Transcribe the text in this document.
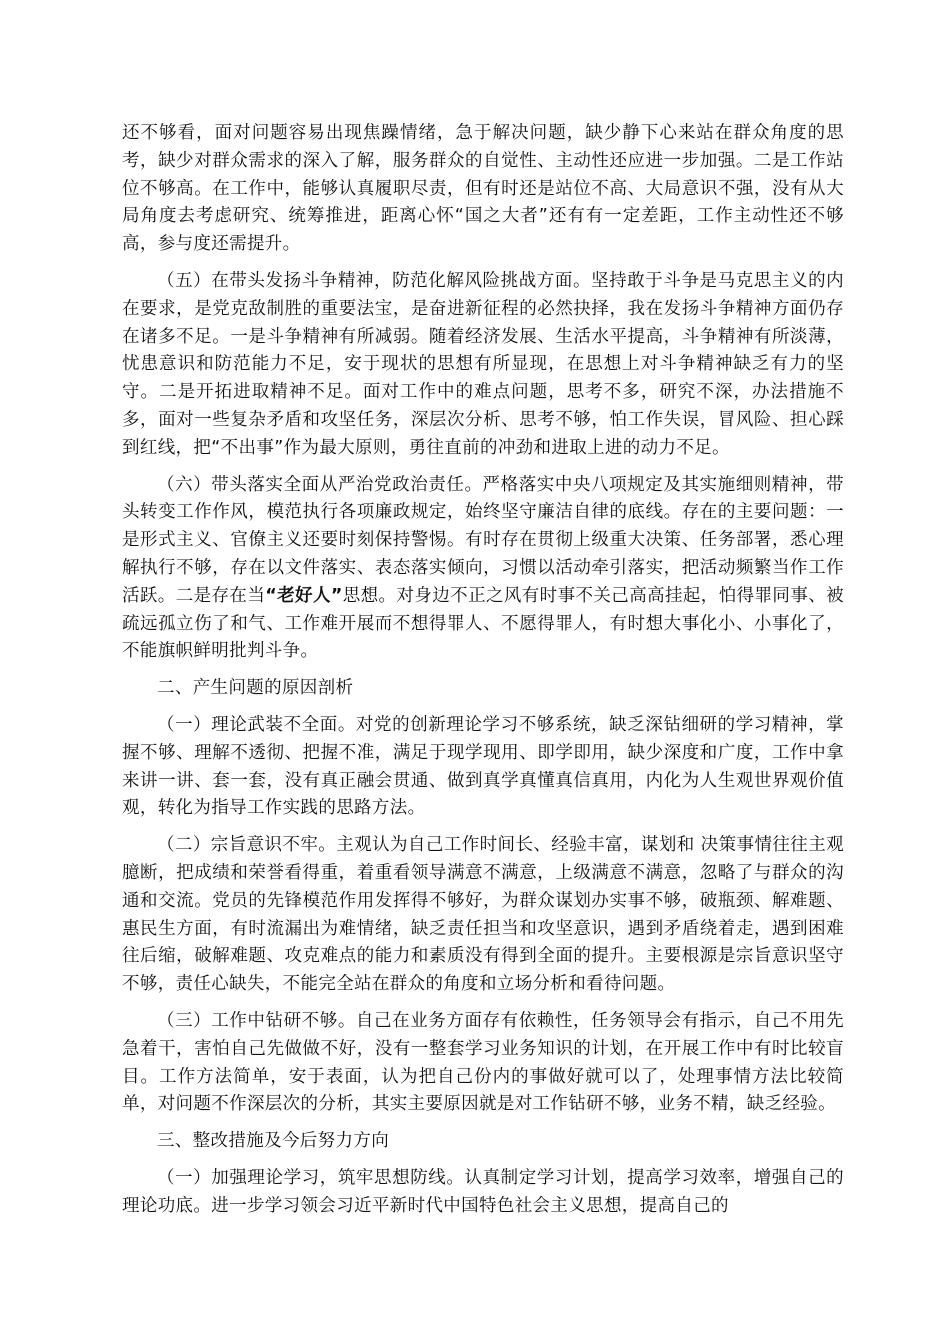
还不够看，面对问题容易出现焦躁情绪，急于解决问题，缺少静下心来站在群众角度的思考，缺少对群众需求的深入了解，服务群众的自觉性、主动性还应进一步加强。二是工作站位不够高。在工作中，能够认真履职尽责，但有时还是站位不高、大局意识不强，没有从大局角度去考虑研究、统筹推进，距离心怀“国之大者”还有有一定差距，工作主动性还不够高，参与度还需提升。

（五）在带头发扬斗争精神，防范化解风险挑战方面。坚持敢于斗争是马克思主义的内在要求，是党克敌制胜的重要法宝，是奋进新征程的必然抉择，我在发扬斗争精神方面仍存在诸多不足。一是斗争精神有所减弱。随着经济发展、生活水平提高，斗争精神有所淡薄，忧患意识和防范能力不足，安于现状的思想有所显现，在思想上对斗争精神缺乏有力的坚守。二是开拓进取精神不足。面对工作中的难点问题，思考不多，研究不深，办法措施不多，面对一些复杂矛盾和攻坚任务，深层次分析、思考不够，怕工作失误，冒风险、担心踩到红线，把“不出事”作为最大原则，勇往直前的冲劲和进取上进的动力不足。

（六）带头落实全面从严治党政治责任。严格落实中央八项规定及其实施细则精神，带头转变工作作风，模范执行各项廉政规定，始终坚守廉洁自律的底线。存在的主要问题：一是形式主义、官僚主义还要时刻保持警惕。有时存在贯彻上级重大决策、任务部署，悉心理解执行不够，存在以文件落实、表态落实倾向，习惯以活动牵引落实，把活动频繁当作工作活跃。二是存在当“老好人”思想。对身边不正之风有时事不关己高高挂起，怕得罪同事、被疏远孤立伤了和气、工作难开展而不想得罪人、不愿得罪人，有时想大事化小、小事化了，不能旗帜鲜明批判斗争。

二、产生问题的原因剖析

（一）理论武装不全面。对党的创新理论学习不够系统，缺乏深钻细研的学习精神，掌握不够、理解不透彻、把握不准，满足于现学现用、即学即用，缺少深度和广度，工作中拿来讲一讲、套一套，没有真正融会贯通、做到真学真懂真信真用，内化为人生观世界观价值观，转化为指导工作实践的思路方法。

（二）宗旨意识不牢。主观认为自己工作时间长、经验丰富，谋划和 决策事情往往主观臆断，把成绩和荣誉看得重，着重看领导满意不满意，上级满意不满意，忽略了与群众的沟通和交流。党员的先锋模范作用发挥得不够好，为群众谋划办实事不够，破瓶颈、解难题、惠民生方面，有时流漏出为难情绪，缺乏责任担当和攻坚意识，遇到矛盾绕着走，遇到困难往后缩，破解难题、攻克难点的能力和素质没有得到全面的提升。主要根源是宗旨意识坚守不够，责任心缺失，不能完全站在群众的角度和立场分析和看待问题。

（三）工作中钻研不够。自己在业务方面存有依赖性，任务领导会有指示，自己不用先急着干，害怕自己先做做不好，没有一整套学习业务知识的计划，在开展工作中有时比较盲目。工作方法简单，安于表面，认为把自己份内的事做好就可以了，处理事情方法比较简单，对问题不作深层次的分析，其实主要原因就是对工作钻研不够，业务不精，缺乏经验。

三、整改措施及今后努力方向

（一）加强理论学习，筑牢思想防线。认真制定学习计划，提高学习效率，增强自己的理论功底。进一步学习领会习近平新时代中国特色社会主义思想，提高自己的
